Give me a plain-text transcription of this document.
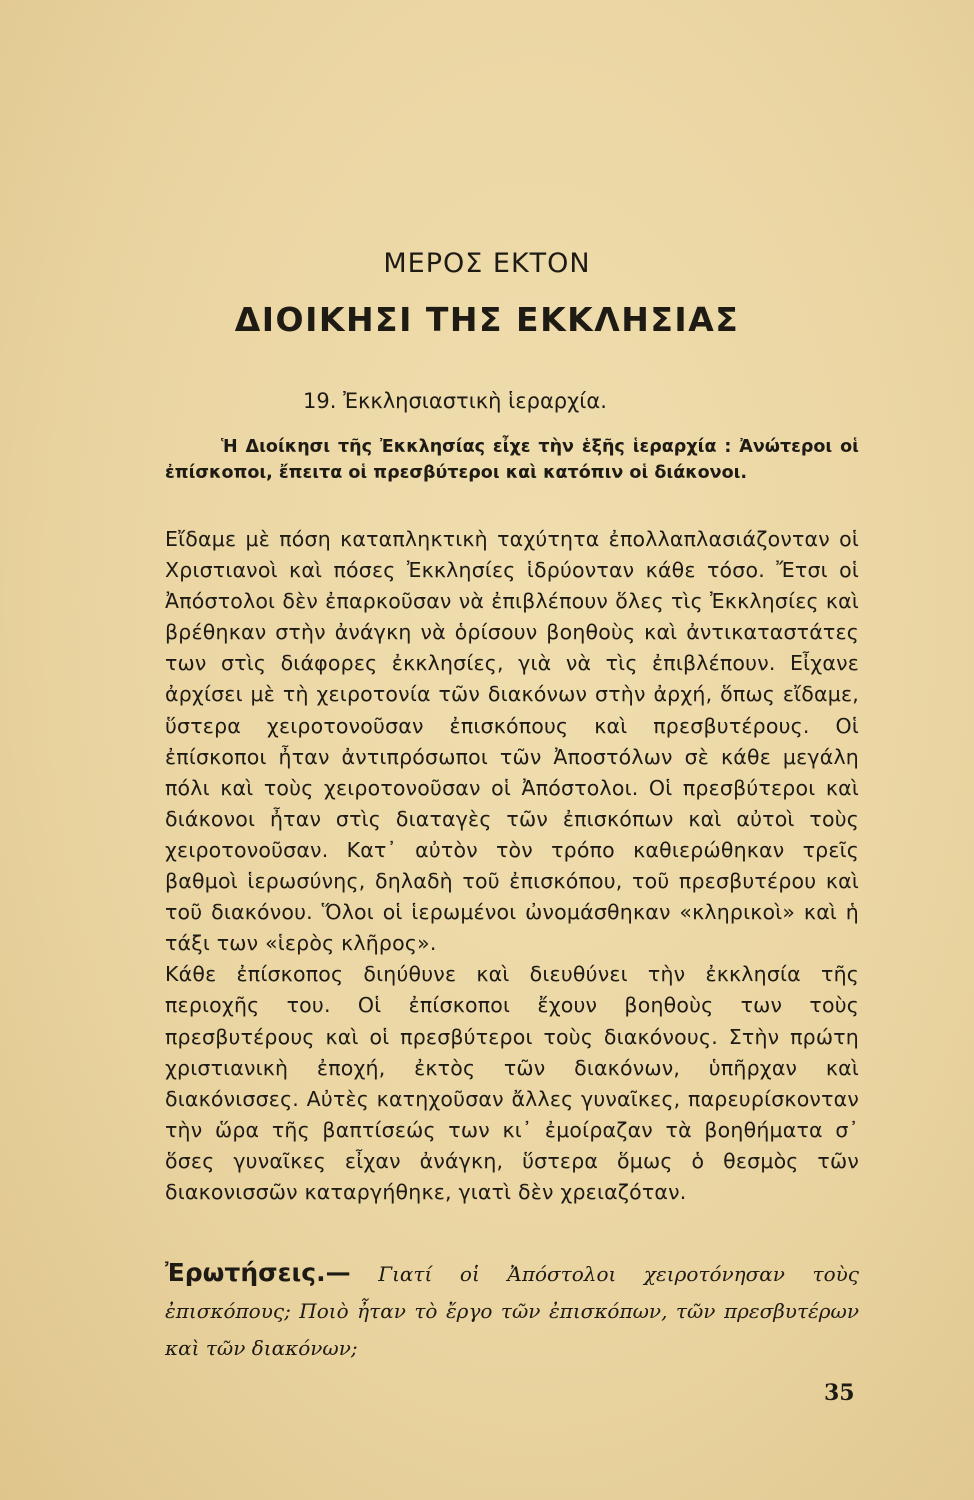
ΜΕΡΟΣ ΕΚΤΟΝ
ΔΙΟΙΚΗΣΙ ΤΗΣ ΕΚΚΛΗΣΙΑΣ
19. Ἐκκλησιαστικὴ ἱεραρχία.
Ἡ Διοίκησι τῆς Ἐκκλησίας εἶχε τὴν ἑξῆς ἱεραρχία : Ἀνώτεροι οἱ ἐπίσκοποι, ἔπειτα οἱ πρεσβύτεροι καὶ κατόπιν οἱ διάκονοι.

Εἴδαμε μὲ πόση καταπληκτικὴ ταχύτητα ἐπολλαπλασιάζονταν οἱ Χριστιανοὶ καὶ πόσες Ἐκκλησίες ἱδρύονταν κάθε τόσο. Ἔτσι οἱ Ἀπόστολοι δὲν ἐπαρκοῦσαν νὰ ἐπιβλέπουν ὅλες τὶς Ἐκκλησίες καὶ βρέθηκαν στὴν ἀνάγκη νὰ ὁρίσουν βοηθοὺς καὶ ἀντικαταστάτες των στὶς διάφορες ἐκκλησίες, γιὰ νὰ τὶς ἐπιβλέπουν. Εἶχανε ἀρχίσει μὲ τὴ χειροτονία τῶν διακόνων στὴν ἀρχή, ὅπως εἴδαμε, ὕστερα χειροτονοῦσαν ἐπισκόπους καὶ πρεσβυτέρους. Οἱ ἐπίσκοποι ἦταν ἀντιπρόσωποι τῶν Ἀποστόλων σὲ κάθε μεγάλη πόλι καὶ τοὺς χειροτονοῦσαν οἱ Ἀπόστολοι. Οἱ πρεσβύτεροι καὶ διάκονοι ἦταν στὶς διαταγὲς τῶν ἐπισκόπων καὶ αὐτοὶ τοὺς χειροτονοῦσαν. Κατ᾿ αὐτὸν τὸν τρόπο καθιερώθηκαν τρεῖς βαθμοὶ ἱερωσύνης, δηλαδὴ τοῦ ἐπισκόπου, τοῦ πρεσβυτέρου καὶ τοῦ διακόνου. Ὅλοι οἱ ἱερωμένοι ὠνομάσθηκαν «κληρικοὶ» καὶ ἡ τάξι των «ἱερὸς κλῆρος».

Κάθε ἐπίσκοπος διηύθυνε καὶ διευθύνει τὴν ἐκκλησία τῆς περιοχῆς του. Οἱ ἐπίσκοποι ἔχουν βοηθοὺς των τοὺς πρεσβυτέρους καὶ οἱ πρεσβύτεροι τοὺς διακόνους. Στὴν πρώτη χριστιανικὴ ἐποχή, ἐκτὸς τῶν διακόνων, ὑπῆρχαν καὶ διακόνισσες. Αὐτὲς κατηχοῦσαν ἄλλες γυναῖκες, παρευρίσκονταν τὴν ὥρα τῆς βαπτίσεώς των κι᾿ ἐμοίραζαν τὰ βοηθήματα σ᾿ ὅσες γυναῖκες εἶχαν ἀνάγκη, ὕστερα ὅμως ὁ θεσμὸς τῶν διακονισσῶν καταργήθηκε, γιατὶ δὲν χρειαζόταν.

Ἐρωτήσεις.— Γιατί οἱ Ἀπόστολοι χειροτόνησαν τοὺς ἐπισκόπους; Ποιὸ ἦταν τὸ ἔργο τῶν ἐπισκόπων, τῶν πρεσβυτέρων καὶ τῶν διακόνων;
35
